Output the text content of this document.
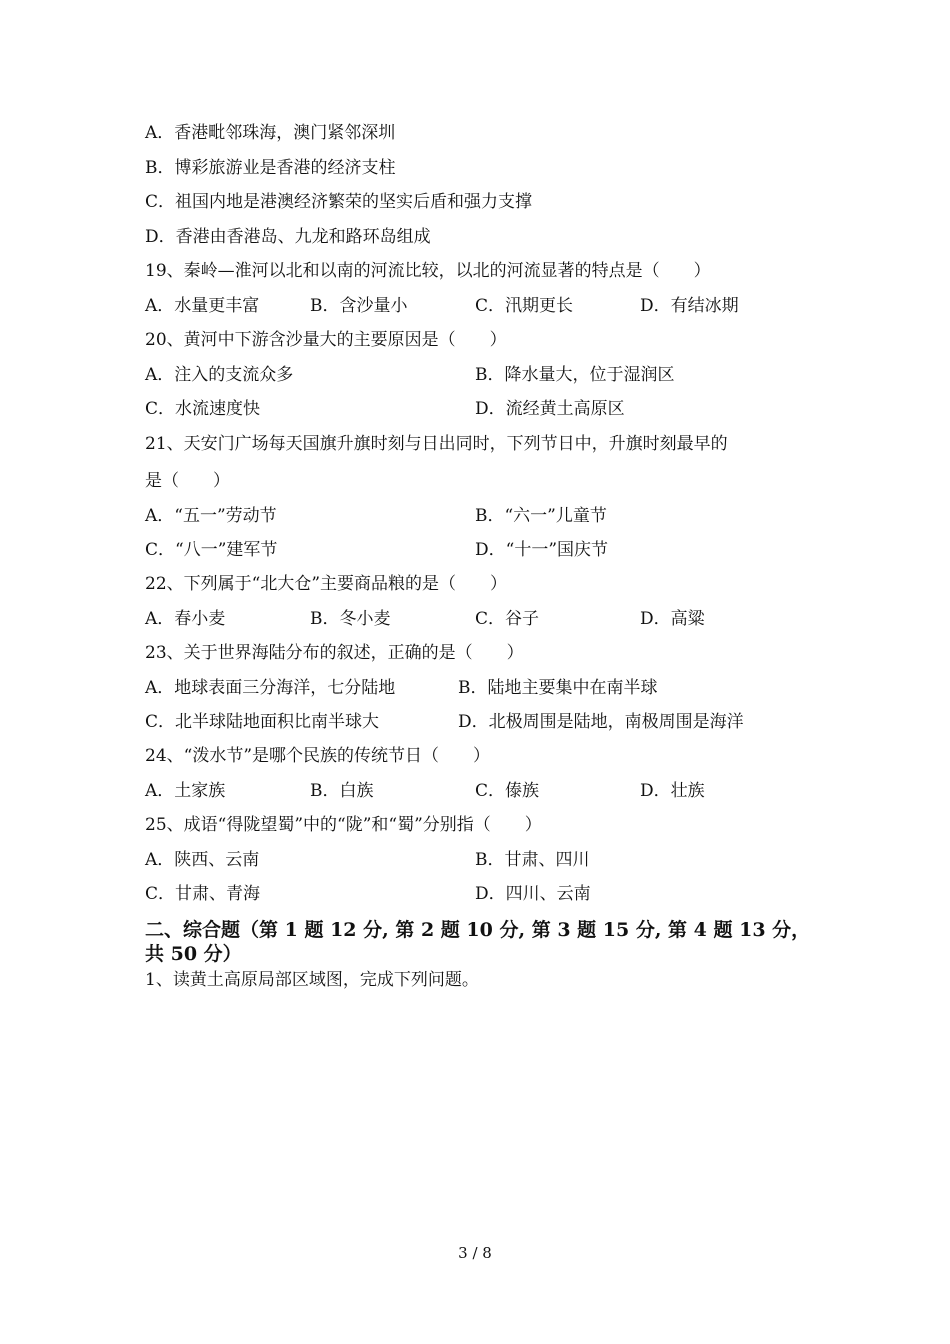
A．香港毗邻珠海，澳门紧邻深圳
B．博彩旅游业是香港的经济支柱
C．祖国内地是港澳经济繁荣的坚实后盾和强力支撑
D．香港由香港岛、九龙和路环岛组成
19、秦岭—淮河以北和以南的河流比较，以北的河流显著的特点是（　　）
A．水量更丰富	B．含沙量小	C．汛期更长	D．有结冰期
20、黄河中下游含沙量大的主要原因是（　　）
A．注入的支流众多	B．降水量大，位于湿润区
C．水流速度快	D．流经黄土高原区
21、天安门广场每天国旗升旗时刻与日出同时，下列节日中，升旗时刻最早的
是（　　）
A．“五一”劳动节	B．“六一”儿童节
C．“八一”建军节	D．“十一”国庆节
22、下列属于“北大仓”主要商品粮的是（　　）
A．春小麦	B．冬小麦	C．谷子	D．高粱
23、关于世界海陆分布的叙述，正确的是（　　）
A．地球表面三分海洋，七分陆地	B．陆地主要集中在南半球
C．北半球陆地面积比南半球大	D．北极周围是陆地，南极周围是海洋
24、“泼水节”是哪个民族的传统节日（　　）
A．土家族	B．白族	C．傣族	D．壮族
25、成语“得陇望蜀”中的“陇”和“蜀”分别指（　　）
A．陕西、云南	B．甘肃、四川
C．甘肃、青海	D．四川、云南
二、综合题（第 1 题 12 分, 第 2 题 10 分, 第 3 题 15 分, 第 4 题 13 分，
共 50 分）
1、读黄土高原局部区域图，完成下列问题。
3 / 8
